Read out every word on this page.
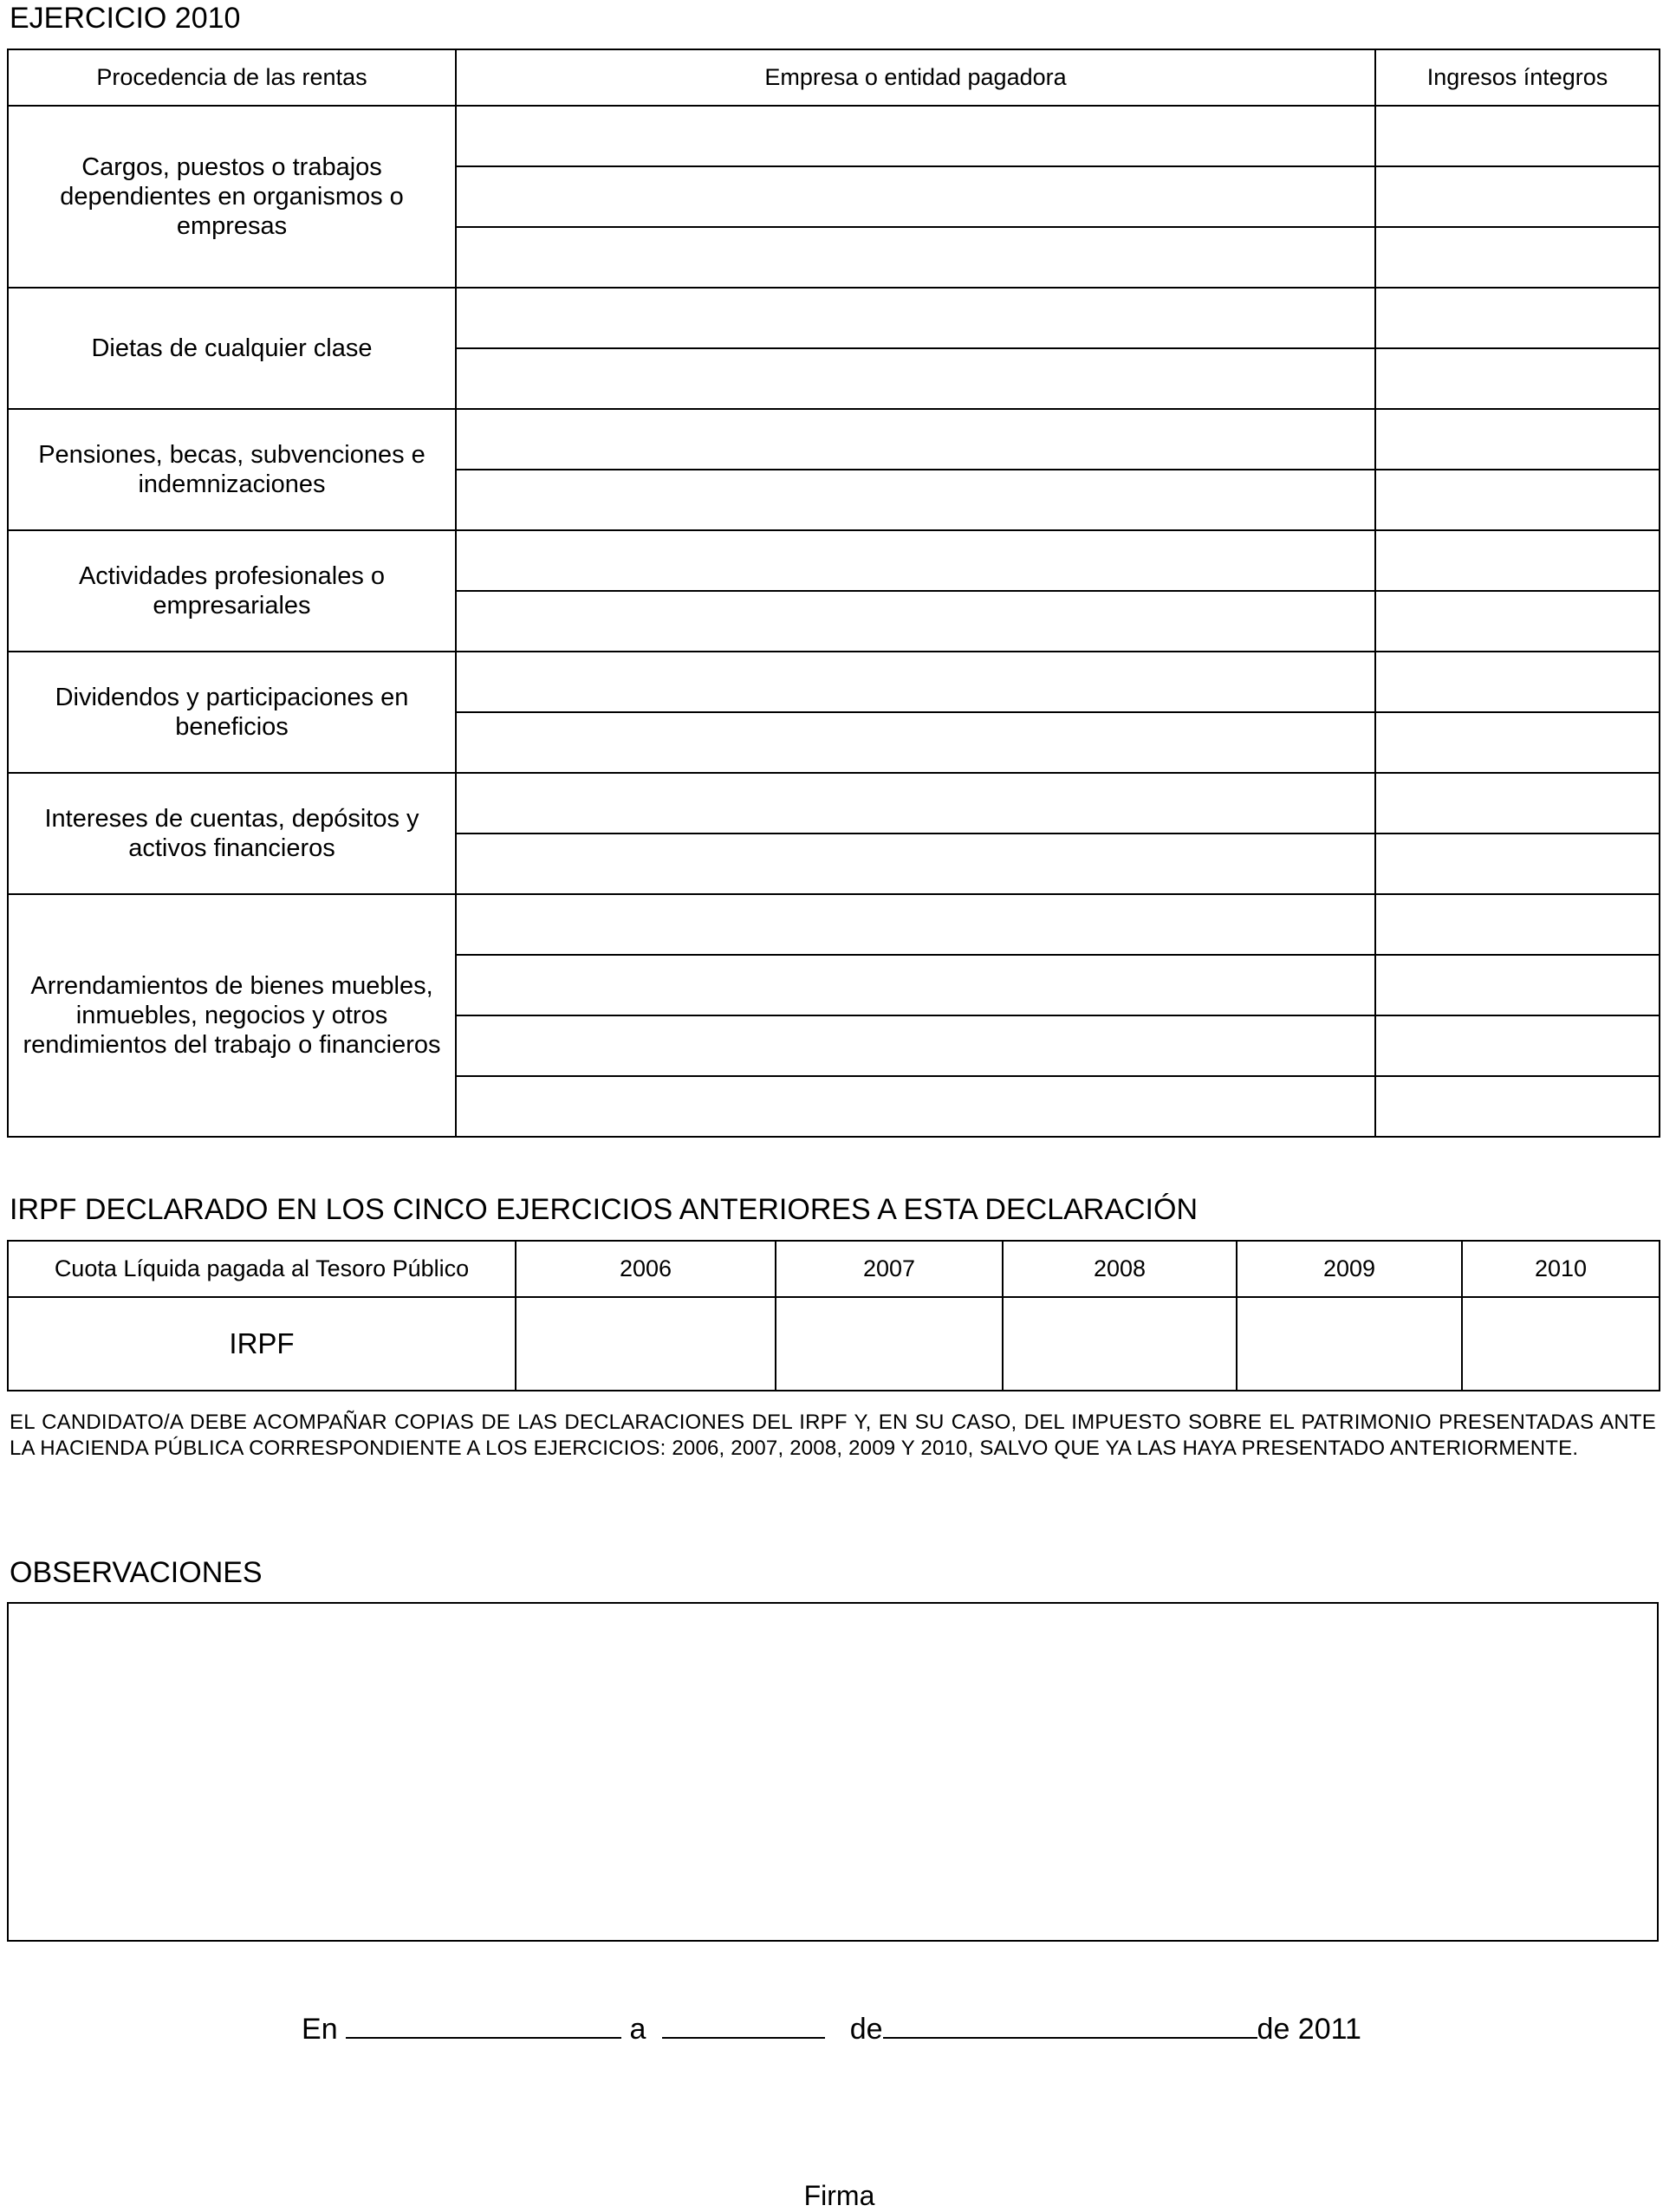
EJERCICIO 2010
Procedencia de las rentas	Empresa o entidad pagadora	Ingresos íntegros
Cargos, puestos o trabajos dependientes en organismos o empresas		

Dietas de cualquier clase		

Pensiones, becas, subvenciones e indemnizaciones		

Actividades profesionales o empresariales		

Dividendos y participaciones en beneficios		

Intereses de cuentas, depósitos y activos financieros		

Arrendamientos de bienes muebles, inmuebles, negocios y otros rendimientos del trabajo o financieros		

IRPF DECLARADO EN LOS CINCO EJERCICIOS ANTERIORES A ESTA DECLARACIÓN
Cuota Líquida pagada al Tesoro Público	2006	2007	2008	2009	2010
IRPF					
EL CANDIDATO/A DEBE ACOMPAÑAR COPIAS DE LAS DECLARACIONES DEL IRPF Y, EN SU CASO, DEL IMPUESTO SOBRE EL PATRIMONIO PRESENTADAS ANTE LA HACIENDA PÚBLICA CORRESPONDIENTE A LOS EJERCICIOS: 2006, 2007, 2008, 2009 Y 2010, SALVO QUE YA LAS HAYA PRESENTADO ANTERIORMENTE.
OBSERVACIONES
En	a	de	de 2011
Firma
